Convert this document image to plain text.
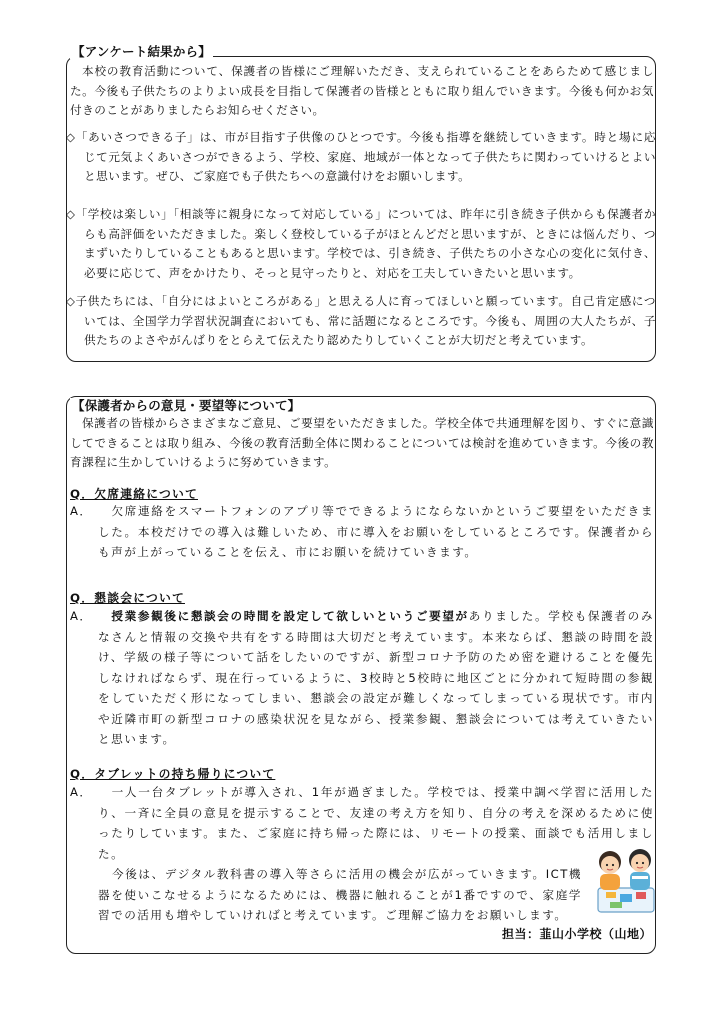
【アンケート結果から】

本校の教育活動について、保護者の皆様にご理解いただき、支えられていることをあらためて感じました。今後も子供たちのよりよい成長を目指して保護者の皆様とともに取り組んでいきます。今後も何かお気付きのことがありましたらお知らせください。

◇「あいさつできる子」は、市が目指す子供像のひとつです。今後も指導を継続していきます。時と場に応じて元気よくあいさつができるよう、学校、家庭、地域が一体となって子供たちに関わっていけるとよいと思います。ぜひ、ご家庭でも子供たちへの意識付けをお願いします。

◇「学校は楽しい」「相談等に親身になって対応している」については、昨年に引き続き子供からも保護者からも高評価をいただきました。楽しく登校している子がほとんどだと思いますが、ときには悩んだり、つまずいたりしていることもあると思います。学校では、引き続き、子供たちの小さな心の変化に気付き、必要に応じて、声をかけたり、そっと見守ったりと、対応を工夫していきたいと思います。

◇子供たちには、「自分にはよいところがある」と思える人に育ってほしいと願っています。自己肯定感については、全国学力学習状況調査においても、常に話題になるところです。今後も、周囲の大人たちが、子供たちのよさやがんばりをとらえて伝えたり認めたりしていくことが大切だと考えています。

【保護者からの意見・要望等について】

保護者の皆様からさまざまなご意見、ご要望をいただきました。学校全体で共通理解を図り、すぐに意識してできることは取り組み、今後の教育活動全体に関わることについては検討を進めていきます。今後の教育課程に生かしていけるように努めていきます。

Q．欠席連絡について

A．　 欠席連絡をスマートフォンのアプリ等でできるようにならないかというご要望をいただきました。本校だけでの導入は難しいため、市に導入をお願いをしているところです。保護者からも声が上がっていることを伝え、市にお願いを続けていきます。

Q．懇談会について

A．　 授業参観後に懇談会の時間を設定して欲しいというご要望がありました。学校も保護者のみなさんと情報の交換や共有をする時間は大切だと考えています。本来ならば、懇談の時間を設け、学級の様子等について話をしたいのですが、新型コロナ予防のため密を避けることを優先しなければならず、現在行っているように、3校時と5校時に地区ごとに分かれて短時間の参観をしていただく形になってしまい、懇談会の設定が難しくなってしまっている現状です。市内や近隣市町の新型コロナの感染状況を見ながら、授業参観、懇談会については考えていきたいと思います。

Q．タブレットの持ち帰りについて

A．　 一人一台タブレットが導入され、1年が過ぎました。学校では、授業中調べ学習に活用したり、一斉に全員の意見を提示することで、友達の考え方を知り、自分の考えを深めるために使ったりしています。また、ご家庭に持ち帰った際には、リモートの授業、面談でも活用しました。
今後は、デジタル教科書の導入等さらに活用の機会が広がっていきます。ICT機器を使いこなせるようになるためには、機器に触れることが1番ですので、家庭学習での活用も増やしていければと考えています。ご理解ご協力をお願いします。

担当：韮山小学校（山地）
